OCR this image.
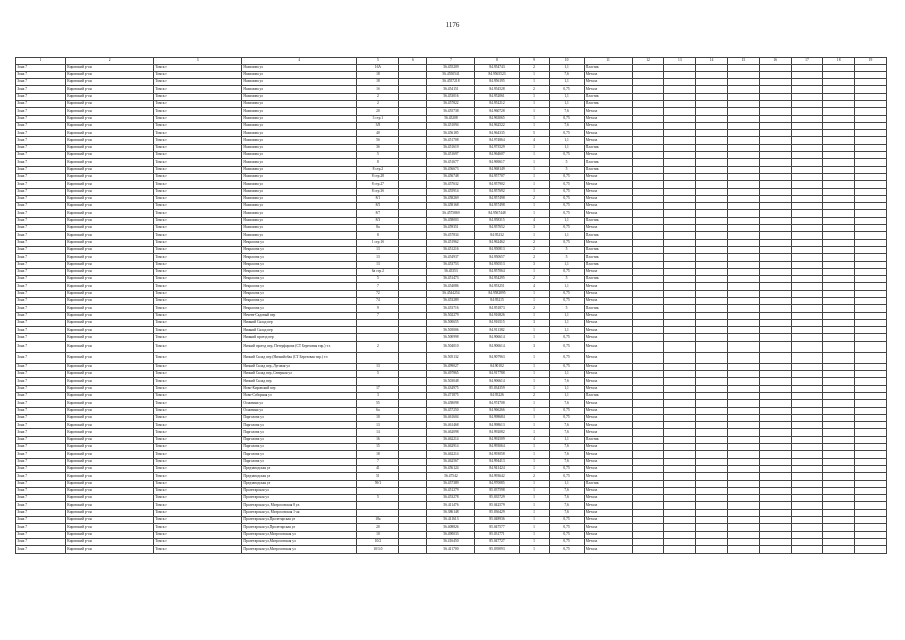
1176
1	2	3	4	5	6	7	8	9	10	11	12	13	14	15	16	17	18	19
Зона 7	Кировский р-он	Томск г	Нахимова ул	16А		56.455209	84.954743	2	1,1	Пластик								
Зона 7	Кировский р-он	Томск г	Нахимова ул	18		56.4550541	84.9565523	1	7,6	Металл								
Зона 7	Кировский р-он	Томск г	Нахимова ул	18		56.4557218	84.956195	1	1,1	Металл								
Зона 7	Кировский р-он	Томск г	Нахимова ул	1б		56.454151	84.954528	2	0,75	Металл								
Зона 7	Кировский р-он	Томск г	Нахимова ул	2		56.453016	84.952061	1	1,1	Пластик								
Зона 7	Кировский р-он	Томск г	Нахимова ул	2		56.457822	84.952212	1	1,1	Пластик								
Зона 7	Кировский р-он	Томск г	Нахимова ул	20		56.455738	84.960728	1	7,6	Металл								
Зона 7	Кировский р-он	Томск г	Нахимова ул	3 стр.1		56.45208	84.963065	1	0,75	Металл								
Зона 7	Кировский р-он	Томск г	Нахимова ул	3/8		56.451094	84.962522	1	7,6	Металл								
Зона 7	Кировский р-он	Томск г	Нахимова ул	40		56.456185	84.964335	5	0,75	Металл								
Зона 7	Кировский р-он	Томск г	Нахимова ул	5б		56.451708	84.974864	4	1,1	Металл								
Зона 7	Кировский р-он	Томск г	Нахимова ул	3б		56.451619	84.973529	1	1,1	Пластик								
Зона 7	Кировский р-он	Томск г	Нахимова ул	5		56.451697	84.964607	1	0,75	Металл								
Зона 7	Кировский р-он	Томск г	Нахимова ул	8		56.451677	84.969617	1	5	Пластик								
Зона 7	Кировский р-он	Томск г	Нахимова ул	8 стр.2		56.456673	84.968149	1	5	Пластик								
Зона 7	Кировский р-он	Томск г	Нахимова ул	8 стр.28		56.456748	84.957707	1	0,75	Металл								
Зона 7	Кировский р-он	Томск г	Нахимова ул	8 стр.27		56.457632	84.957902	1	0,75	Металл								
Зона 7	Кировский р-он	Томск г	Нахимова ул	8 стр.3б		56.455914	84.957692	1	0,75	Металл								
Зона 7	Кировский р-он	Томск г	Нахимова ул	8/1		56.458269	84.957498	2	0,75	Металл								
Зона 7	Кировский р-он	Томск г	Нахимова ул	8/5		56.458168	84.957498	1	0,75	Металл								
Зона 7	Кировский р-он	Томск г	Нахимова ул	8/7		56.4575869	84.9567448	1	0,75	Металл								
Зона 7	Кировский р-он	Томск г	Нахимова ул	8/3		56.458003	84.958315	4	1,1	Пластик								
Зона 7	Кировский р-он	Томск г	Нахимова ул	8а		56.459351	84.957652	3	0,75	Металл								
Зона 7	Кировский р-он	Томск г	Нахимова ул	8		56.457834	84.95232	1	1,1	Пластик								
Зона 7	Кировский р-он	Томск г	Некрасова ул	1 стр.1б		56.451962	84.962462	2	0,75	Металл								
Зона 7	Кировский р-он	Томск г	Некрасова ул	13		56.451216	84.950813	2	5	Пластик								
Зона 7	Кировский р-он	Томск г	Некрасова ул	13		56.454937	84.950657	2	5	Пластик								
Зона 7	Кировский р-он	Томск г	Некрасова ул	13		56.453753	84.950513	3	1,1	Пластик								
Зона 7	Кировский р-он	Томск г	Некрасова ул	6а стр.2		56.45353	84.957064	1	0,75	Металл								
Зона 7	Кировский р-он	Томск г	Некрасова ул	5		56.451473	84.954295	2	5	Пластик								
Зона 7	Кировский р-он	Томск г	Некрасова ул	7		56.454086	84.953251	4	1,1	Металл								
Зона 7	Кировский р-он	Томск г	Некрасова ул	72		56.4544254	84.9582895	1	0,75	Металл								
Зона 7	Кировский р-он	Томск г	Некрасова ул	74		56.453289	84.95215	1	0,75	Металл								
Зона 7	Кировский р-он	Томск г	Некрасова ул	9		56.453716	84.951873	2	5	Пластик								
Зона 7	Кировский р-он	Томск г	Нечеев-Садовый пер	7		56.502279	84.916826	1	1,1	Металл								
Зона 7	Кировский р-он	Томск г	Нижний Склад пер			56.500655	84.916515	3	1,1	Металл								
Зона 7	Кировский р-он	Томск г	Нижний Склад пер			56.505006	84.911382	1	1,1	Металл								
Зона 7	Кировский р-он	Томск г	Нижний проезд пер			56.500998	84.906614	1	0,75	Металл								
Зона 7	Кировский р-он	Томск г	Низкий проезд пер, Петерфорова (СТ Березовая тир.) т.т.	2		56.504010	84.906614	3	0,75	Металл								
Зона 7	Кировский р-он	Томск г	Низкий Склад пер (Низкийобая (СТ Березовая тир.) т.т.			56.505132	84.907963	1	0,75	Металл								
Зона 7	Кировский р-он	Томск г	Низкий Склад пер.,Луговая ул	13		56.499027	84.90102	1	0,75	Металл								
Зона 7	Кировский р-он	Томск г	Низкий Склад пер.,Северная ул	5		56.497865	84.917788	1	1,1	Металл								
Зона 7	Кировский р-он	Томск г	Низкий Склад пер.			56.503048	84.906614	1	7,6	Металл								
Зона 7	Кировский р-он	Томск г	Ново-Кировский пер	17		56.434975	85.034359	1	1,1	Металл								
Зона 7	Кировский р-он	Томск г	Ново-Соборная ул	3		56.471875	84.95226	2	1,1	Пластик								
Зона 7	Кировский р-он	Томск г	Основина ул	55		56.458098	84.974708	1	7,6	Металл								
Зона 7	Кировский р-он	Томск г	Основина ул	6а		56.457250	84.966266	1	0,75	Металл								
Зона 7	Кировский р-он	Томск г	Парголова ул	10		56.461604	84.998684	1	0,75	Металл								
Зона 7	Кировский р-он	Томск г	Парголова ул	13		56.461468	84.998613	1	7,6	Металл								
Зона 7	Кировский р-он	Томск г	Парголова ул	14		56.462098	84.992082	1	7,6	Металл								
Зона 7	Кировский р-он	Томск г	Парголова ул	16		56.462214	84.992509	4	1,1	Пластик								
Зона 7	Кировский р-он	Томск г	Парголова ул	15		56.462914	84.993064	1	7,6	Металл								
Зона 7	Кировский р-он	Томск г	Парголова ул	18		56.462214	84.993058	1	7,6	Металл								
Зона 7	Кировский р-он	Томск г	Парголова ул	7		56.462567	84.994413	1	7,6	Металл								
Зона 7	Кировский р-он	Томск г	Предзаводская ул	41		56.456124	84.941424	1	0,75	Металл								
Зона 7	Кировский р-он	Томск г	Предзаводская ул	51		56.47542	84.993642	2	0,75	Металл								
Зона 7	Кировский р-он	Томск г	Предзаводская ул	59/1		56.457389	84.970085	1	1,1	Пластик								
Зона 7	Кировский р-он	Томск г	Пролетарская ул			56.451279	85.037598	1	7,6	Металл								
Зона 7	Кировский р-он	Томск г	Пролетарская ул	5		56.453278	85.035729	1	7,6	Металл								
Зона 7	Кировский р-он	Томск г	Пролетарская ул, Матросовская 8 ул.			56.411476	85.042579	1	7,6	Металл								
Зона 7	Кировский р-он	Томск г	Пролетарская ул, Матросовская 1-ая			56.386148	85.036429	1	7,6	Металл								
Зона 7	Кировский р-он	Томск г	Пролетарская ул,Пролетарская ул	18а		56.411613	85.048936	1	0,75	Металл								
Зона 7	Кировский р-он	Томск г	Пролетарская ул,Пролетарская ул	20		56.408826	85.047577	1	0,75	Металл								
Зона 7	Кировский р-он	Томск г	Пролетарская ул,Матросовская ул	10		56.490033	85.031771	1	0,75	Металл								
Зона 7	Кировский р-он	Томск г	Пролетарская ул,Матросовская ул	10/2		56.416450	85.047727	1	0,75	Металл								
Зона 7	Кировский р-он	Томск г	Пролетарская ул,Матросовская ул	10/3.0		56.411700	85.039093	1	0,75	Металл								
